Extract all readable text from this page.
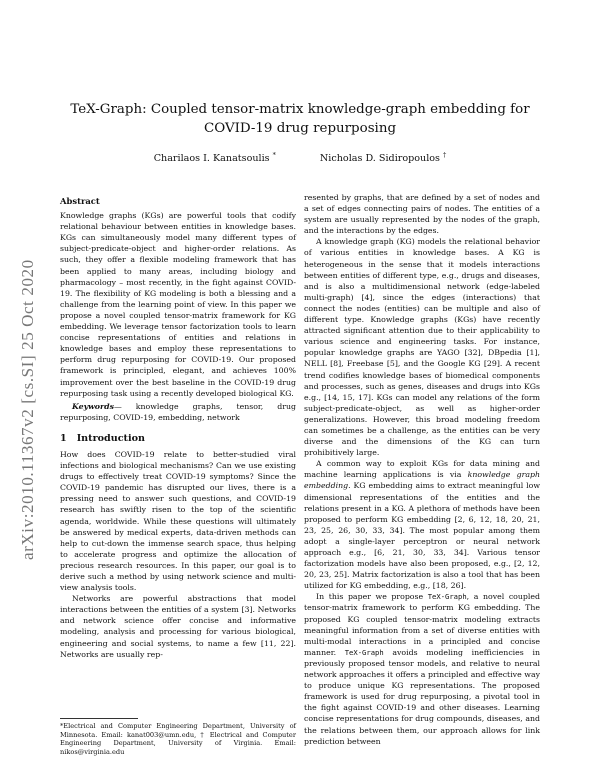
arXiv:2010.11367v2 [cs.SI] 25 Oct 2020
TeX-Graph: Coupled tensor-matrix knowledge-graph embedding for COVID-19 drug repurposing
Charilaos I. Kanatsoulis *	Nicholas D. Sidiropoulos †
Abstract

Knowledge graphs (KGs) are powerful tools that codify relational behaviour between entities in knowledge bases. KGs can simultaneously model many different types of subject-predicate-object and higher-order relations. As such, they offer a flexible modeling framework that has been applied to many areas, including biology and pharmacology – most recently, in the fight against COVID-19. The flexibility of KG modeling is both a blessing and a challenge from the learning point of view. In this paper we propose a novel coupled tensor-matrix framework for KG embedding. We leverage tensor factorization tools to learn concise representations of entities and relations in knowledge bases and employ these representations to perform drug repurposing for COVID-19. Our proposed framework is principled, elegant, and achieves 100% improvement over the best baseline in the COVID-19 drug repurposing task using a recently developed biological KG.

Keywords— knowledge graphs, tensor, drug repurposing, COVID-19, embedding, network

1 Introduction

How does COVID-19 relate to better-studied viral infections and biological mechanisms? Can we use existing drugs to effectively treat COVID-19 symptoms? Since the COVID-19 pandemic has disrupted our lives, there is a pressing need to answer such questions, and COVID-19 research has swiftly risen to the top of the scientific agenda, worldwide. While these questions will ultimately be answered by medical experts, data-driven methods can help to cut-down the immense search space, thus helping to accelerate progress and optimize the allocation of precious research resources. In this paper, our goal is to derive such a method by using network science and multi-view analysis tools.

Networks are powerful abstractions that model interactions between the entities of a system [3]. Networks and network science offer concise and informative modeling, analysis and processing for various biological, engineering and social systems, to name a few [11, 22]. Networks are usually rep-

*Electrical and Computer Engineering Department, University of Minnesota. Email: kanat003@umn.edu, † Electrical and Computer Engineering Department, University of Virginia. Email: nikos@virginia.edu

resented by graphs, that are defined by a set of nodes and a set of edges connecting pairs of nodes. The entities of a system are usually represented by the nodes of the graph, and the interactions by the edges.

A knowledge graph (KG) models the relational behavior of various entities in knowledge bases. A KG is heterogeneous in the sense that it models interactions between entities of different type, e.g., drugs and diseases, and is also a multidimensional network (edge-labeled multi-graph) [4], since the edges (interactions) that connect the nodes (entities) can be multiple and also of different type. Knowledge graphs (KGs) have recently attracted significant attention due to their applicability to various science and engineering tasks. For instance, popular knowledge graphs are YAGO [32], DBpedia [1], NELL [8], Freebase [5], and the Google KG [29]. A recent trend codifies knowledge bases of biomedical components and processes, such as genes, diseases and drugs into KGs e.g., [14, 15, 17]. KGs can model any relations of the form subject-predicate-object, as well as higher-order generalizations. However, this broad modeling freedom can sometimes be a challenge, as the entities can be very diverse and the dimensions of the KG can turn prohibitively large.

A common way to exploit KGs for data mining and machine learning applications is via knowledge graph embedding. KG embedding aims to extract meaningful low dimensional representations of the entities and the relations present in a KG. A plethora of methods have been proposed to perform KG embedding [2, 6, 12, 18, 20, 21, 23, 25, 26, 30, 33, 34]. The most popular among them adopt a single-layer perceptron or neural network approach e.g., [6, 21, 30, 33, 34]. Various tensor factorization models have also been proposed, e.g., [2, 12, 20, 23, 25]. Matrix factorization is also a tool that has been utilized for KG embedding, e.g., [18, 26].

In this paper we propose TeX-Graph, a novel coupled tensor-matrix framework to perform KG embedding. The proposed KG coupled tensor-matrix modeling extracts meaningful information from a set of diverse entities with multi-modal interactions in a principled and concise manner. TeX-Graph avoids modeling inefficiencies in previously proposed tensor models, and relative to neural network approaches it offers a principled and effective way to produce unique KG representations. The proposed framework is used for drug repurposing, a pivotal tool in the fight against COVID-19 and other diseases. Learning concise representations for drug compounds, diseases, and the relations between them, our approach allows for link prediction between
